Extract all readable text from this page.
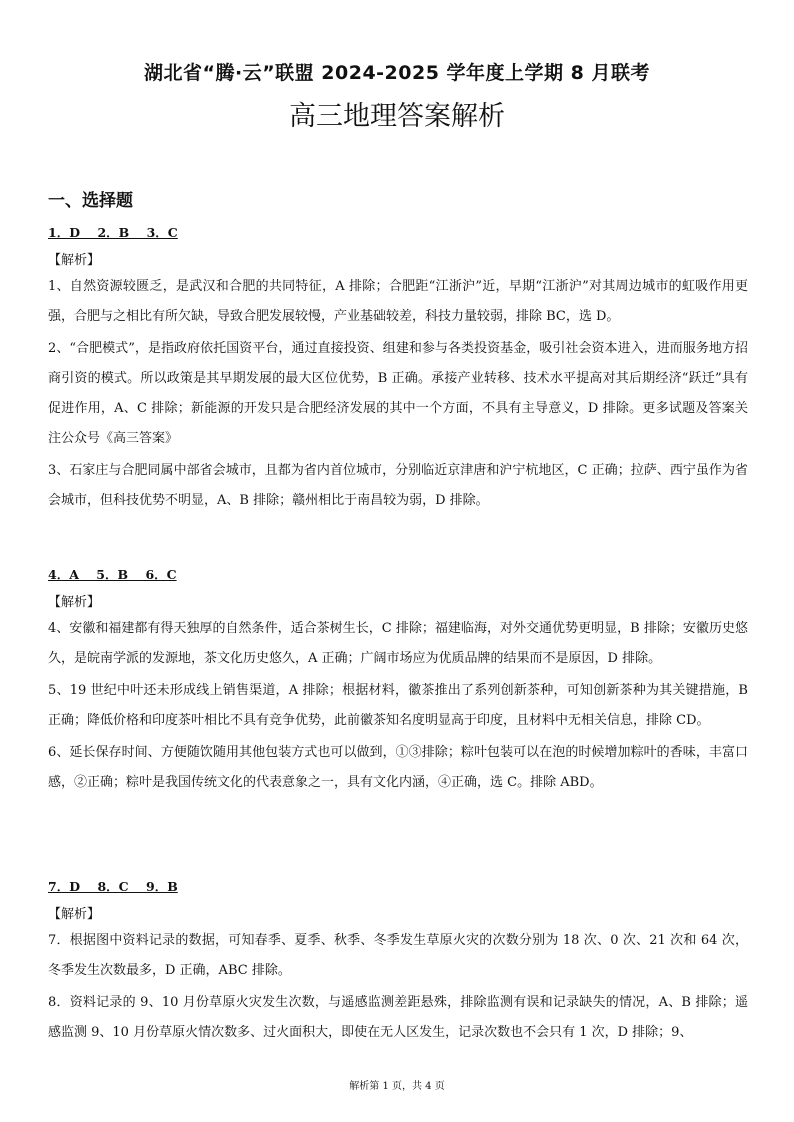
湖北省“腾·云”联盟 2024-2025 学年度上学期 8 月联考
高三地理答案解析
一、选择题
1．D    2．B    3．C
【解析】

1、自然资源较匮乏，是武汉和合肥的共同特征，A 排除；合肥距“江浙沪”近，早期“江浙沪”对其周边城市的虹吸作用更强，合肥与之相比有所欠缺，导致合肥发展较慢，产业基础较差，科技力量较弱，排除 BC，选 D。

2、“合肥模式”，是指政府依托国资平台，通过直接投资、组建和参与各类投资基金，吸引社会资本进入，进而服务地方招商引资的模式。所以政策是其早期发展的最大区位优势，B 正确。承接产业转移、技术水平提高对其后期经济“跃迁”具有促进作用，A、C 排除；新能源的开发只是合肥经济发展的其中一个方面，不具有主导意义，D 排除。更多试题及答案关注公众号《高三答案》

3、石家庄与合肥同属中部省会城市，且都为省内首位城市，分别临近京津唐和沪宁杭地区，C 正确；拉萨、西宁虽作为省会城市，但科技优势不明显，A、B 排除；赣州相比于南昌较为弱，D 排除。

4．A    5．B    6．C
【解析】

4、安徽和福建都有得天独厚的自然条件，适合茶树生长，C 排除；福建临海，对外交通优势更明显，B 排除；安徽历史悠久，是皖南学派的发源地，茶文化历史悠久，A 正确；广阔市场应为优质品牌的结果而不是原因，D 排除。

5、19 世纪中叶还未形成线上销售渠道，A 排除；根据材料，徽茶推出了系列创新茶种，可知创新茶种为其关键措施，B 正确；降低价格和印度茶叶相比不具有竞争优势，此前徽茶知名度明显高于印度，且材料中无相关信息，排除 CD。

6、延长保存时间、方便随饮随用其他包装方式也可以做到，①③排除；粽叶包装可以在泡的时候增加粽叶的香味，丰富口感，②正确；粽叶是我国传统文化的代表意象之一，具有文化内涵，④正确，选 C。排除 ABD。

7．D    8．C    9．B
【解析】

7．根据图中资料记录的数据，可知春季、夏季、秋季、冬季发生草原火灾的次数分别为 18 次、0 次、21 次和 64 次，冬季发生次数最多，D 正确，ABC 排除。

8．资料记录的 9、10 月份草原火灾发生次数，与遥感监测差距悬殊，排除监测有误和记录缺失的情况，A、B 排除；遥感监测 9、10 月份草原火情次数多、过火面积大，即使在无人区发生，记录次数也不会只有 1 次，D 排除；9、

解析第 1 页，共 4 页
